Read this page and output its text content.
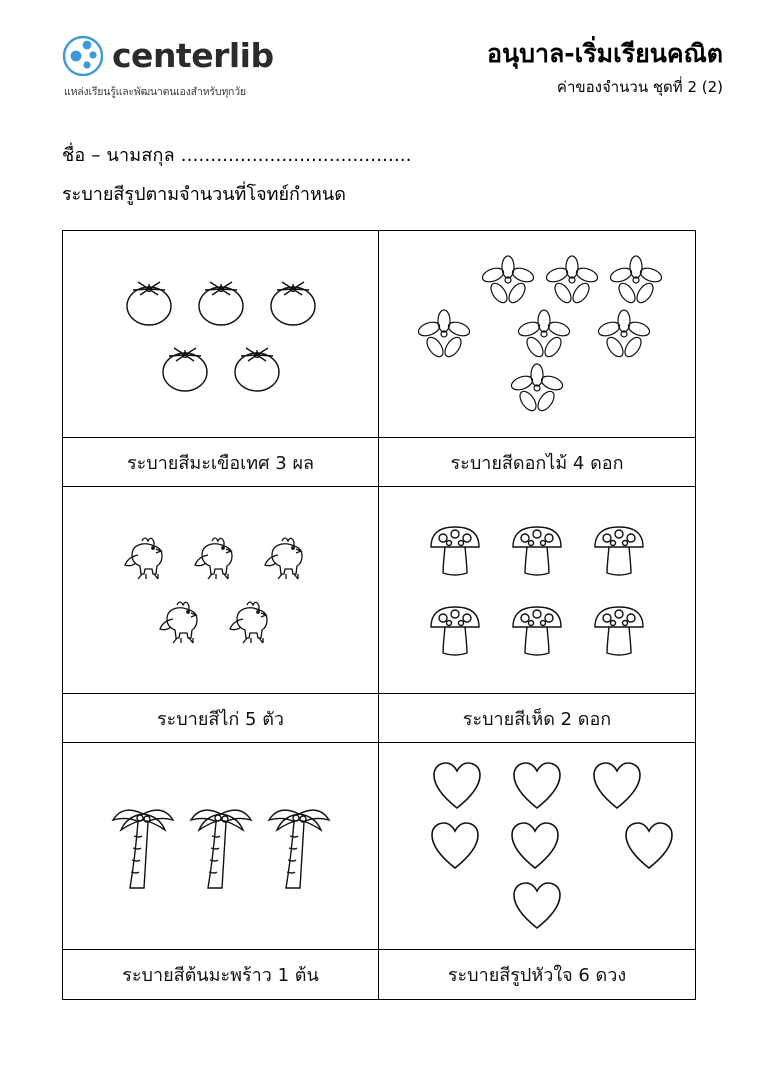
centerlib
แหล่งเรียนรู้และพัฒนาตนเองสำหรับทุกวัย
อนุบาล-เริ่มเรียนคณิต
ค่าของจำนวน ชุดที่ 2 (2)
ชื่อ – นามสกุล .......................................
ระบายสีรูปตามจำนวนที่โจทย์กำหนด
ระบายสีมะเขือเทศ 3 ผล	ระบายสีดอกไม้ 4 ดอก
ระบายสีไก่ 5 ตัว	ระบายสีเห็ด 2 ดอก
ระบายสีต้นมะพร้าว 1 ต้น	ระบายสีรูปหัวใจ 6 ดวง
